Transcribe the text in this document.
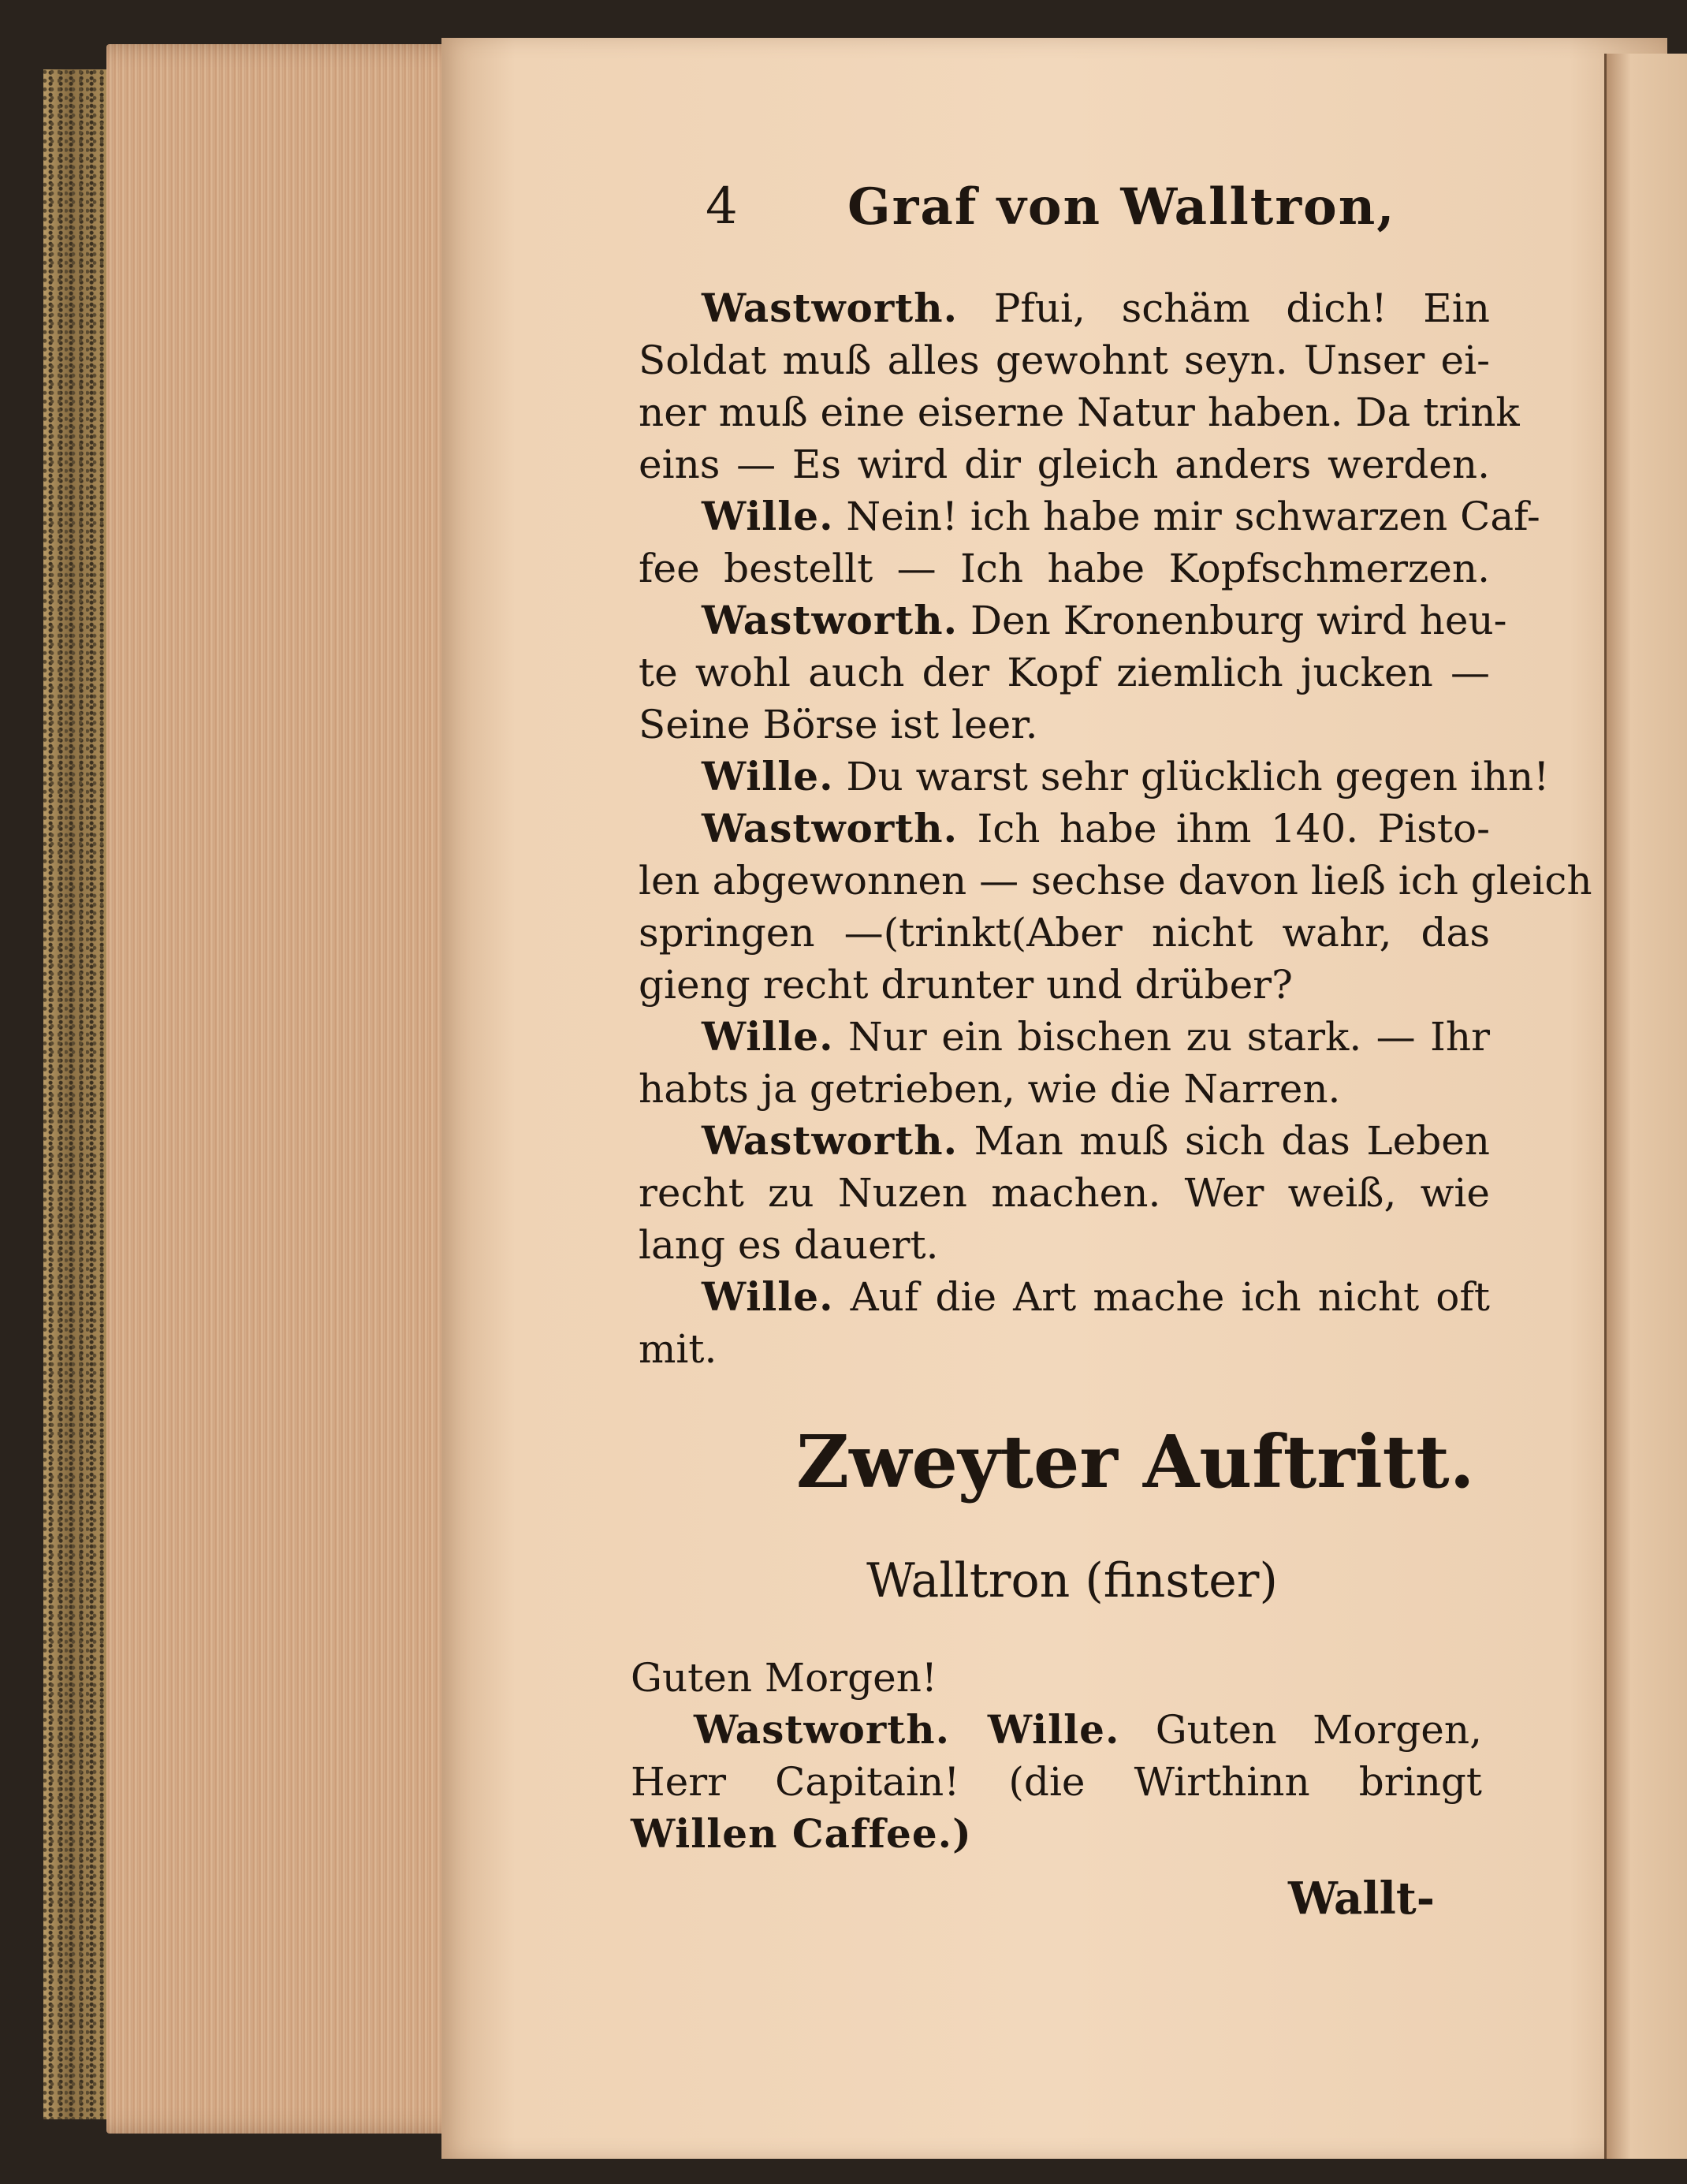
4 Graf von Walltron,
Wastworth. Pfui, schäm dich! Ein
Soldat muß alles gewohnt seyn. Unser ei-
ner muß eine eiserne Natur haben. Da trink
eins — Es wird dir gleich anders werden.
Wille. Nein! ich habe mir schwarzen Caf-
fee bestellt — Ich habe Kopfschmerzen.
Wastworth. Den Kronenburg wird heu-
te wohl auch der Kopf ziemlich jucken —
Seine Börse ist leer.
Wille. Du warst sehr glücklich gegen ihn!
Wastworth. Ich habe ihm 140. Pisto-
len abgewonnen — sechse davon ließ ich gleich
springen —(trinkt(Aber nicht wahr, das
gieng recht drunter und drüber?
Wille. Nur ein bischen zu stark. — Ihr
habts ja getrieben, wie die Narren.
Wastworth. Man muß sich das Leben
recht zu Nuzen machen. Wer weiß, wie
lang es dauert.
Wille. Auf die Art mache ich nicht oft
mit.
Zweyter Auftritt.
Walltron (finster)
Guten Morgen!
Wastworth. Wille. Guten Morgen,
Herr Capitain! (die Wirthinn bringt
Willen Caffee.)
Wallt-
